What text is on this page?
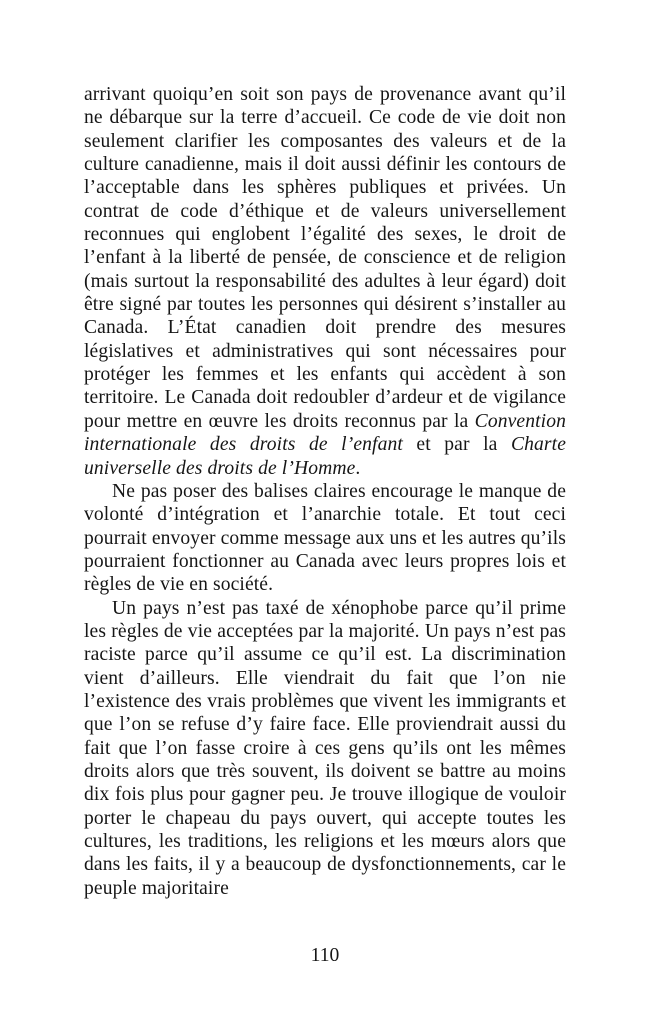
arrivant quoiqu’en soit son pays de provenance avant qu’il ne débarque sur la terre d’accueil. Ce code de vie doit non seulement clarifier les composantes des valeurs et de la culture canadienne, mais il doit aussi définir les contours de l’acceptable dans les sphères publiques et privées. Un contrat de code d’éthique et de valeurs universellement reconnues qui englobent l’égalité des sexes, le droit de l’enfant à la liberté de pensée, de conscience et de religion (mais surtout la responsabilité des adultes à leur égard) doit être signé par toutes les personnes qui désirent s’installer au Canada. L’État canadien doit prendre des mesures législatives et administratives qui sont nécessaires pour protéger les femmes et les enfants qui accèdent à son territoire. Le Canada doit redoubler d’ardeur et de vigilance pour mettre en œuvre les droits reconnus par la Convention internationale des droits de l’enfant et par la Charte universelle des droits de l’Homme.

Ne pas poser des balises claires encourage le manque de volonté d’intégration et l’anarchie totale. Et tout ceci pourrait envoyer comme message aux uns et les autres qu’ils pourraient fonctionner au Canada avec leurs propres lois et règles de vie en société.

Un pays n’est pas taxé de xénophobe parce qu’il prime les règles de vie acceptées par la majorité. Un pays n’est pas raciste parce qu’il assume ce qu’il est. La discrimination vient d’ailleurs. Elle viendrait du fait que l’on nie l’existence des vrais problèmes que vivent les immigrants et que l’on se refuse d’y faire face. Elle proviendrait aussi du fait que l’on fasse croire à ces gens qu’ils ont les mêmes droits alors que très souvent, ils doivent se battre au moins dix fois plus pour gagner peu. Je trouve illogique de vouloir porter le chapeau du pays ouvert, qui accepte toutes les cultures, les traditions, les religions et les mœurs alors que dans les faits, il y a beaucoup de dysfonctionnements, car le peuple majoritaire

110
